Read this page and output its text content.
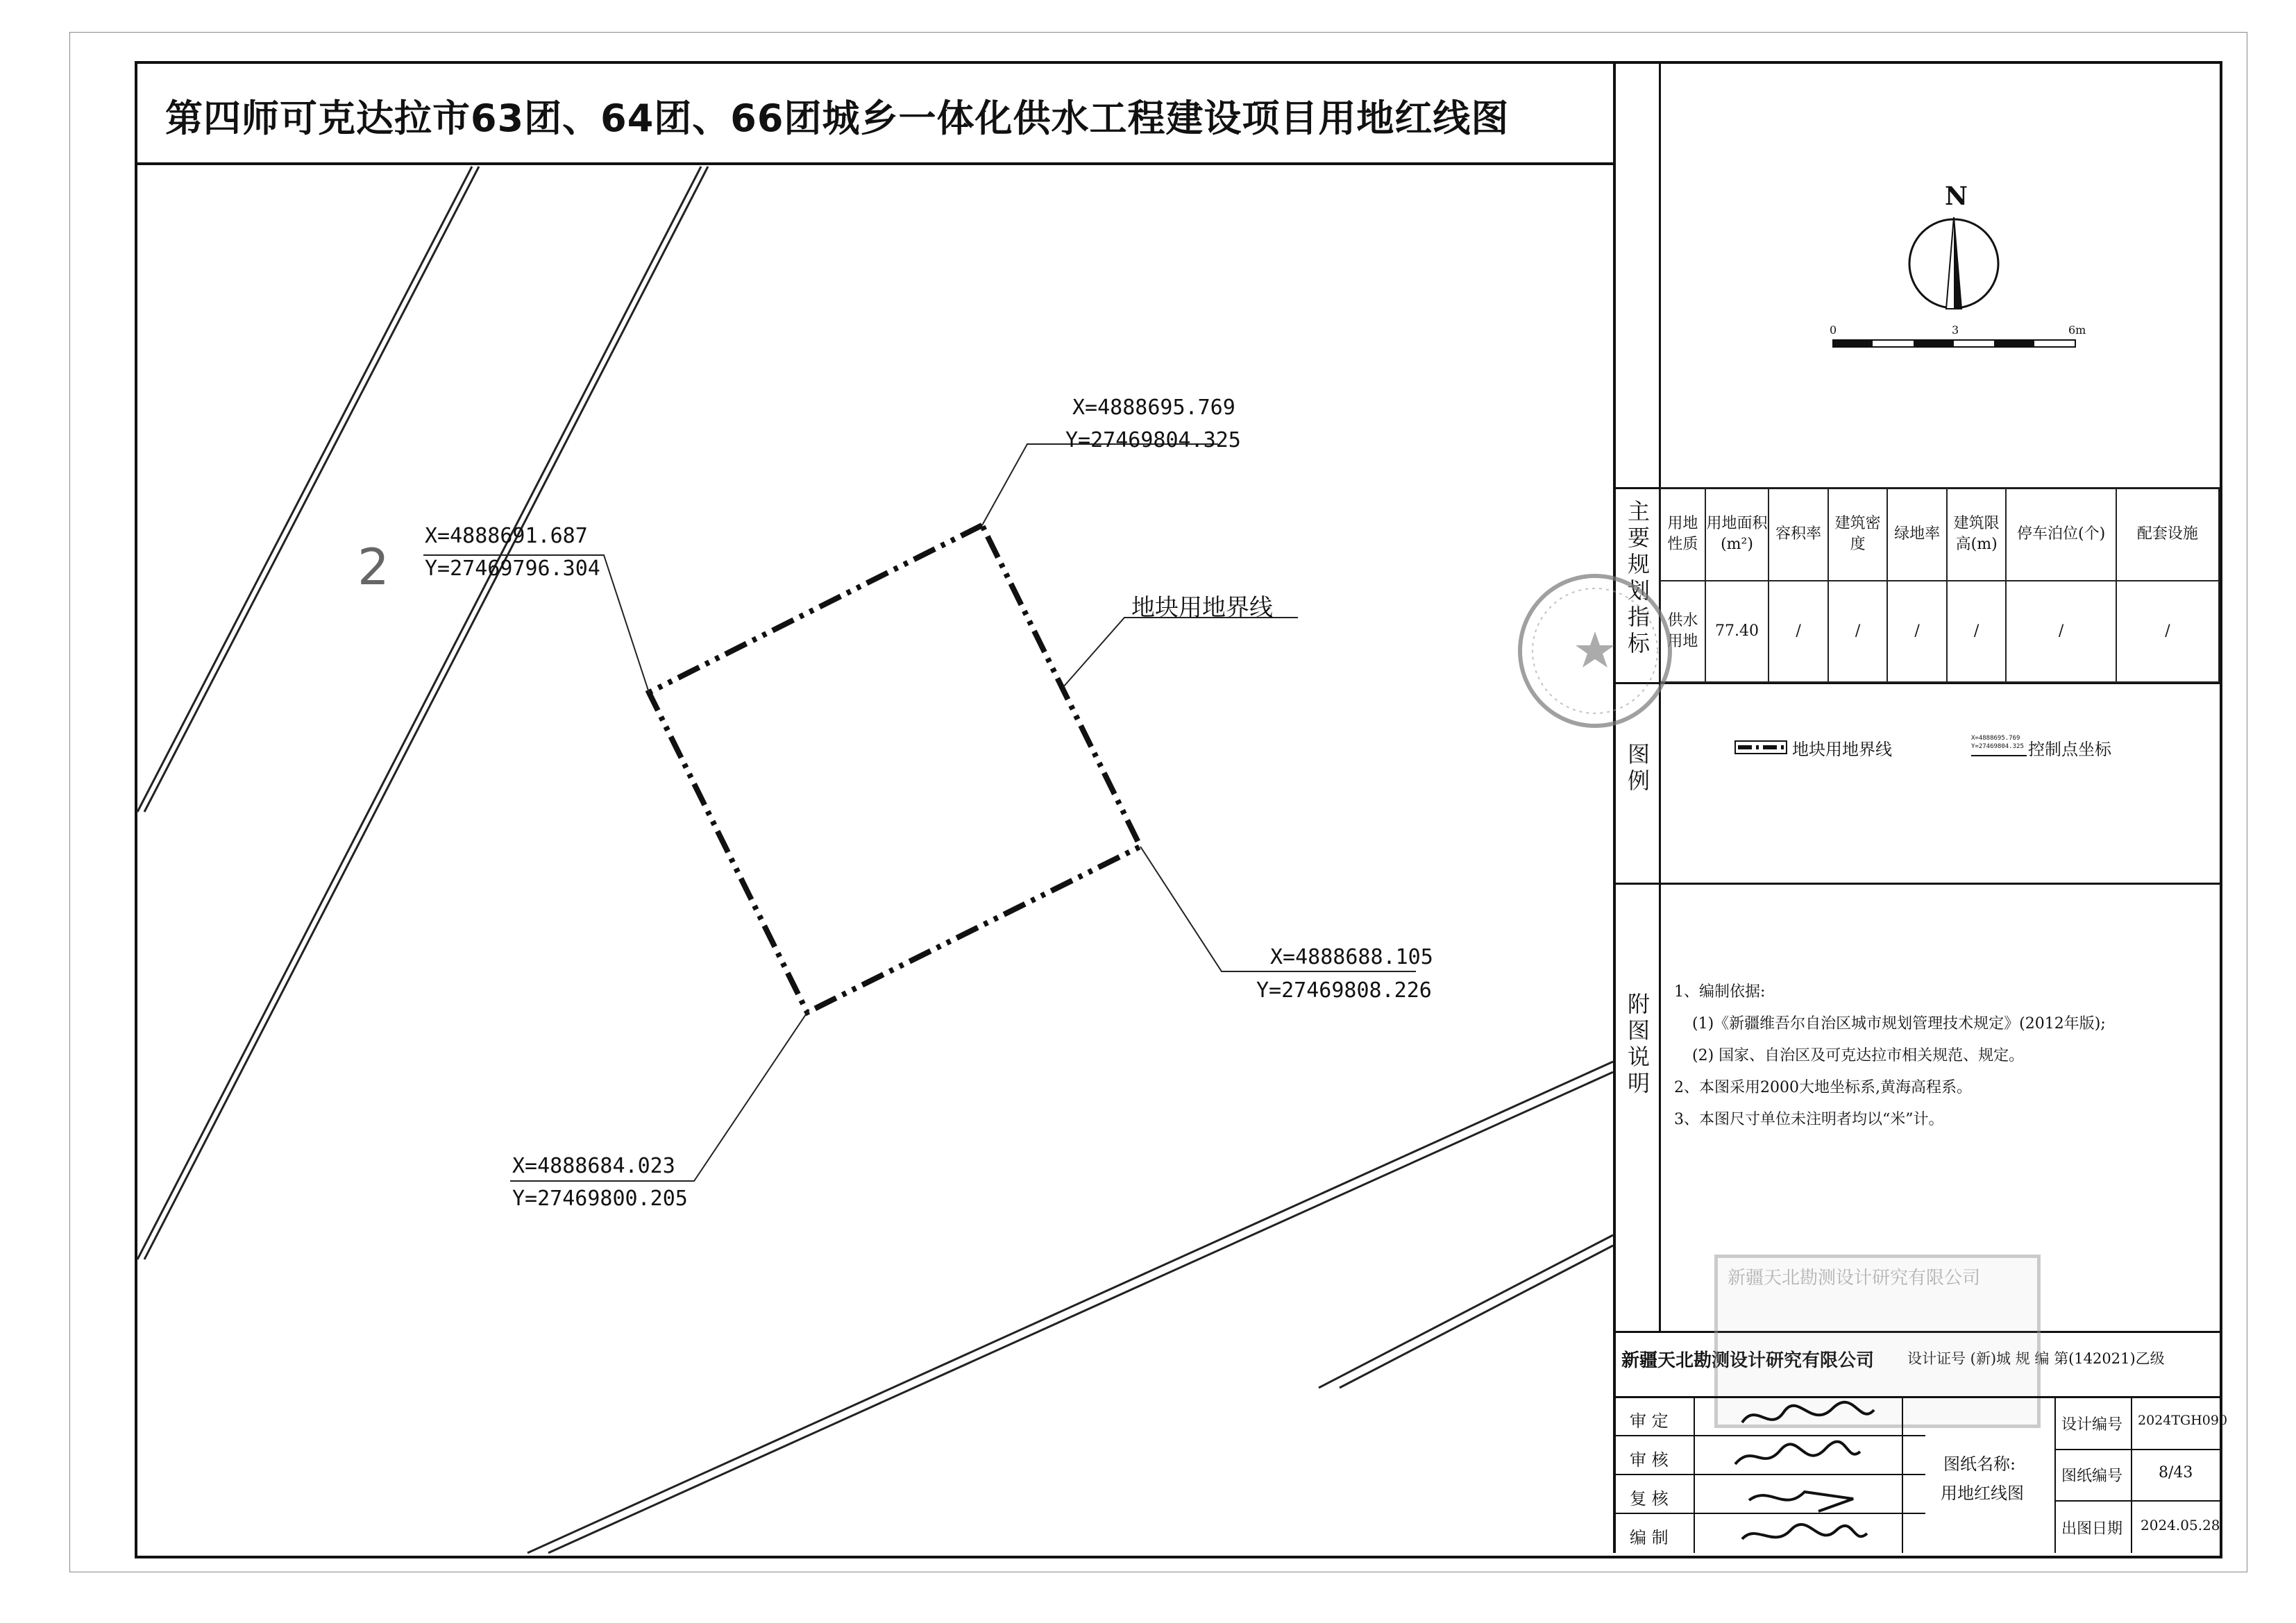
第四师可克达拉市63团、64团、66团城乡一体化供水工程建设项目用地红线图
2
X=4888695.769
Y=27469804.325
X=4888691.687
Y=27469796.304
X=4888688.105
Y=27469808.226
X=4888684.023
Y=27469800.205
地块用地界线
N
0	3	6m
主要规划指标 用地性质	用地面积(m²)	容积率	建筑密度	绿地率	建筑限高(m)	停车泊位(个)	配套设施
供水用地	77.40	/	/	/	/	/	/
图例	地块用地界线
X=4888695.769
Y=27469804.325 控制点坐标
附图说明
1、编制依据:
(1)《新疆维吾尔自治区城市规划管理技术规定》(2012年版);
(2) 国家、自治区及可克达拉市相关规范、规定。
2、本图采用2000大地坐标系,黄海高程系。
3、本图尺寸单位未注明者均以“米”计。
新疆天北勘测设计研究有限公司 设计证号 (新)城 规 编 第(142021)乙级
新疆天北勘测设计研究有限公司
审 定
审 核
复 核
编 制
图纸名称:
用地红线图
设计编号 2024TGH090
图纸编号 8/43
出图日期 2024.05.28
